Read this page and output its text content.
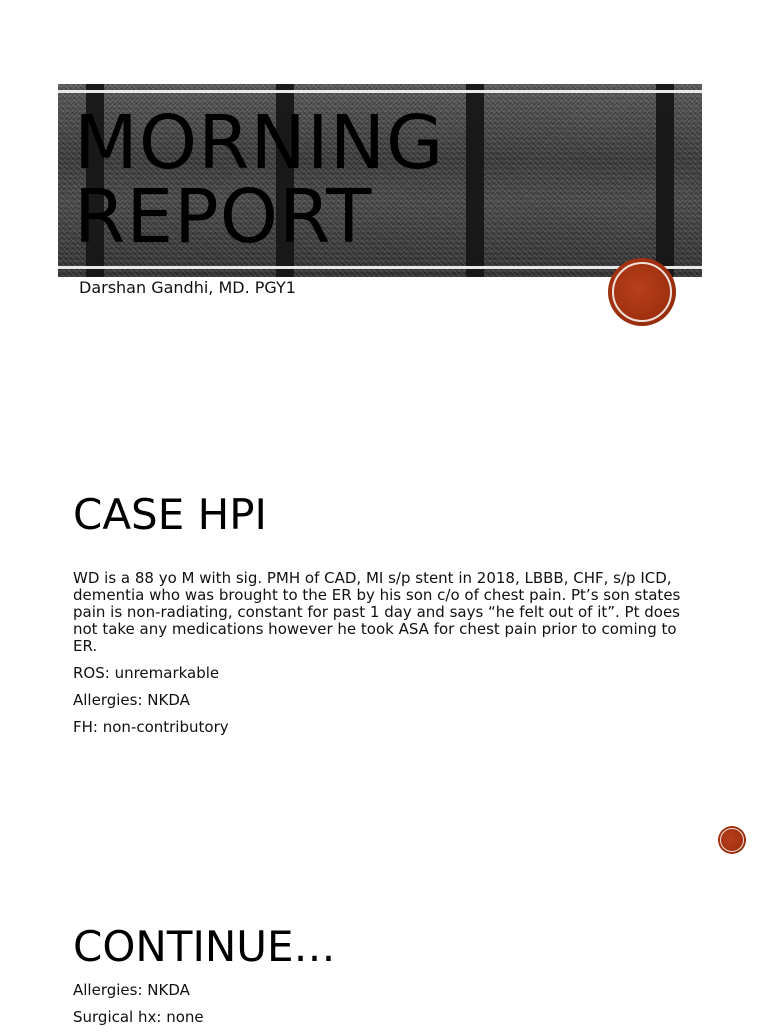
MORNING REPORT

Darshan Gandhi, MD. PGY1

CASE HPI

WD is a 88 yo M with sig. PMH of CAD, MI s/p stent in 2018, LBBB, CHF, s/p ICD, dementia who was brought to the ER by his son c/o of chest pain. Pt’s son states pain is non-radiating, constant for past 1 day and says “he felt out of it”. Pt does not take any medications however he took ASA for chest pain prior to coming to ER.

ROS: unremarkable

Allergies: NKDA

FH: non-contributory

CONTINUE…

Allergies: NKDA

Surgical hx: none
